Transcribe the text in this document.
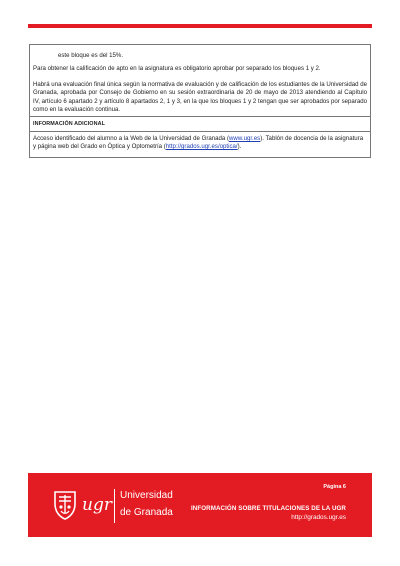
este bloque es del 15%.
Para obtener la calificación de apto en la asignatura es obligatorio aprobar por separado los bloques 1 y 2.
Habrá una evaluación final única según la normativa de evaluación y de calificación de los estudiantes de la Universidad de Granada, aprobada por Consejo de Gobierno en su sesión extraordinaria de 20 de mayo de 2013 atendiendo al Capítulo IV, artículo 6 apartado 2 y artículo 8 apartados 2, 1 y 3, en la que los bloques 1 y 2 tengan que ser aprobados por separado como en la evaluación continua.
INFORMACIÓN ADICIONAL
Acceso identificado del alumno a la Web de la Universidad de Granada (www.ugr.es). Tablón de docencia de la asignatura y página web del Grado en Óptica y Optometría (http://grados.ugr.es/optica/).
ugr Universidad
de Granada
Página 6
INFORMACIÓN SOBRE TITULACIONES DE LA UGR
http://grados.ugr.es
